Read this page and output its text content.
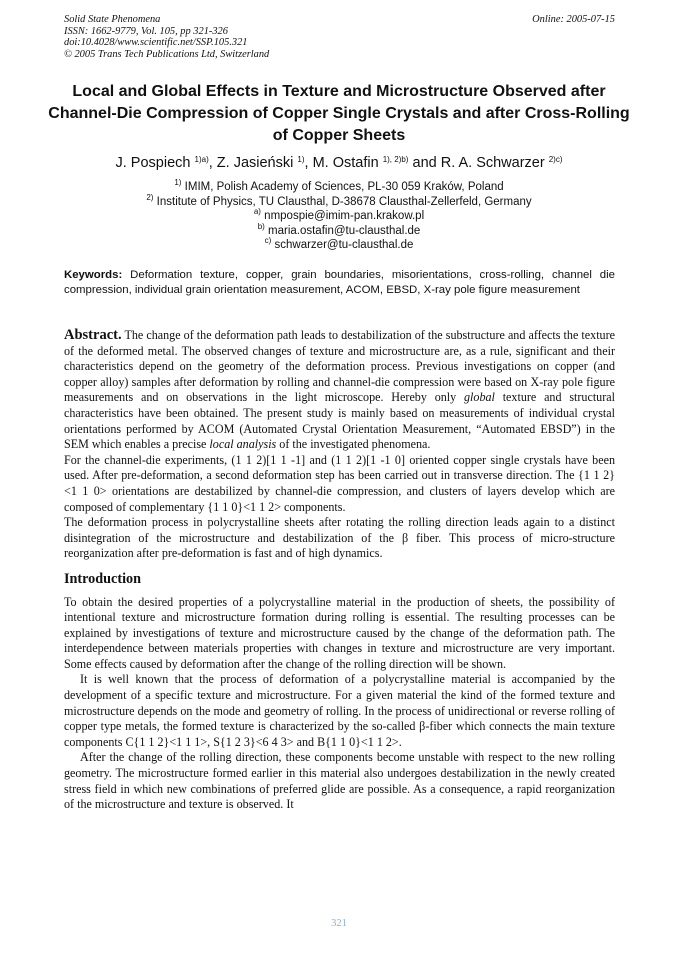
Solid State Phenomena
ISSN: 1662-9779, Vol. 105, pp 321-326
doi:10.4028/www.scientific.net/SSP.105.321
© 2005 Trans Tech Publications Ltd, Switzerland
Online: 2005-07-15
Local and Global Effects in Texture and Microstructure Observed after Channel-Die Compression of Copper Single Crystals and after Cross-Rolling of Copper Sheets
J. Pospiech $^{1)a)}$, Z. Jasieński $^{1)}$, M. Ostafin $^{1), 2)b)}$ and R. A. Schwarzer $^{2)c)}$
$^{1)}$ IMIM, Polish Academy of Sciences, PL-30 059 Kraków, Poland
$^{2)}$ Institute of Physics, TU Clausthal, D-38678 Clausthal-Zellerfeld, Germany
$^{a)}$ nmpospie@imim-pan.krakow.pl
$^{b)}$ maria.ostafin@tu-clausthal.de
$^{c)}$ schwarzer@tu-clausthal.de

Keywords: Deformation texture, copper, grain boundaries, misorientations, cross-rolling, channel die compression, individual grain orientation measurement, ACOM, EBSD, X-ray pole figure measurement

Abstract. The change of the deformation path leads to destabilization of the substructure and affects the texture of the deformed metal. The observed changes of texture and microstructure are, as a rule, significant and their characteristics depend on the geometry of the deformation process. Previous investigations on copper (and copper alloy) samples after deformation by rolling and channel-die compression were based on X-ray pole figure measurements and on observations in the light microscope. Hereby only global texture and structural characteristics have been obtained. The present study is mainly based on measurements of individual crystal orientations performed by ACOM (Automated Crystal Orientation Measurement, “Automated EBSD”) in the SEM which enables a precise local analysis of the investigated phenomena.

For the channel-die experiments, (1 1 2)[1 1 -1] and (1 1 2)[1 -1 0] oriented copper single crystals have been used. After pre-deformation, a second deformation step has been carried out in transverse direction. The {1 1 2}<1 1 0> orientations are destabilized by channel-die compression, and clusters of layers develop which are composed of complementary {1 1 0}<1 1 2> components.

The deformation process in polycrystalline sheets after rotating the rolling direction leads again to a distinct disintegration of the microstructure and destabilization of the β fiber. This process of micro-structure reorganization after pre-deformation is fast and of high dynamics.

Introduction

To obtain the desired properties of a polycrystalline material in the production of sheets, the possibility of intentional texture and microstructure formation during rolling is essential. The resulting processes can be explained by investigations of texture and microstructure caused by the change of the deformation path. The interdependence between materials properties with changes in texture and microstructure are very important. Some effects caused by deformation after the change of the rolling direction will be shown.

It is well known that the process of deformation of a polycrystalline material is accompanied by the development of a specific texture and microstructure. For a given material the kind of the formed texture and microstructure depends on the mode and geometry of rolling. In the process of unidirectional or reverse rolling of copper type metals, the formed texture is characterized by the so-called β-fiber which connects the main texture components C{1 1 2}<1 1 1>, S{1 2 3}<6 4 3> and B{1 1 0}<1 1 2>.

After the change of the rolling direction, these components become unstable with respect to the new rolling geometry. The microstructure formed earlier in this material also undergoes destabilization in the newly created stress field in which new combinations of preferred glide are possible. As a consequence, a rapid reorganization of the microstructure and texture is observed. It

321
